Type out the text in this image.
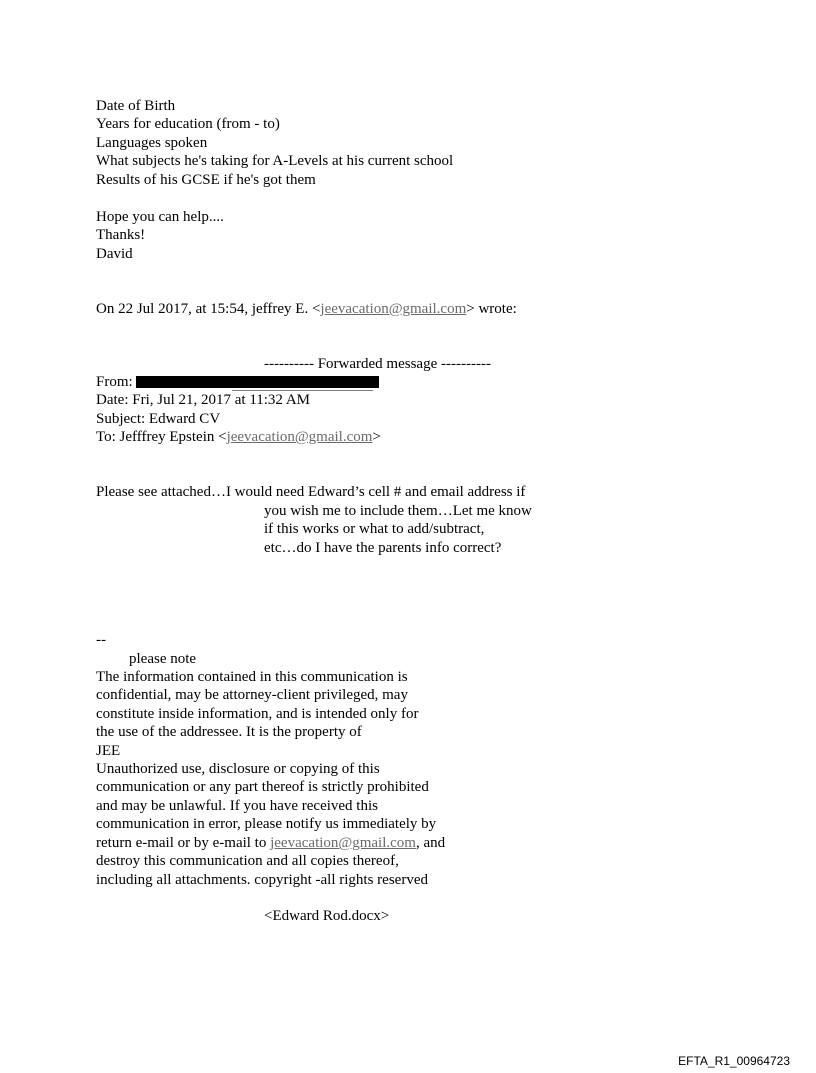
Date of Birth
Years for education (from - to)
Languages spoken
What subjects he's taking for A-Levels at his current school
Results of his GCSE if he's got them
Hope you can help....
Thanks!
David
On 22 Jul 2017, at 15:54, jeffrey E. <jeevacation@gmail.com> wrote:
---------- Forwarded message ----------
From:
Date: Fri, Jul 21, 2017 at 11:32 AM
Subject: Edward CV
To: Jefffrey Epstein <jeevacation@gmail.com>
Please see attached…I would need Edward’s cell # and email address if
you wish me to include them…Let me know
if this works or what to add/subtract,
etc…do I have the parents info correct?
--
please note
The information contained in this communication is
confidential, may be attorney-client privileged, may
constitute inside information, and is intended only for
the use of the addressee. It is the property of
JEE
Unauthorized use, disclosure or copying of this
communication or any part thereof is strictly prohibited
and may be unlawful. If you have received this
communication in error, please notify us immediately by
return e-mail or by e-mail to jeevacation@gmail.com, and
destroy this communication and all copies thereof,
including all attachments. copyright -all rights reserved
<Edward Rod.docx>
EFTA_R1_00964723
